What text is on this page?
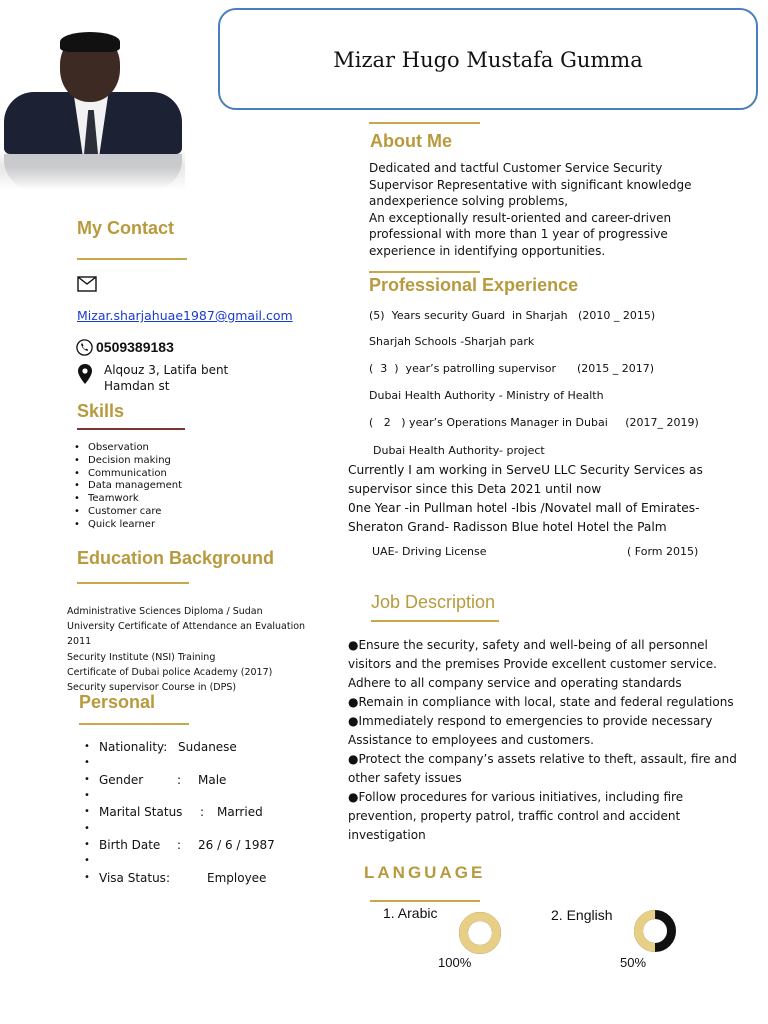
Mizar Hugo Mustafa Gumma
My Contact
Mizar.sharjahuae1987@gmail.com
0509389183
Alqouz 3, Latifa bent
Hamdan st
Skills
• Observation
• Decision making
• Communication
• Data management
• Teamwork
• Customer care
• Quick learner
Education Background
Administrative Sciences Diploma / Sudan
University Certificate of Attendance an Evaluation
2011
Security Institute (NSI) Training
Certificate of Dubai police Academy (2017)
Security supervisor Course in (DPS)
Personal
• Nationality: Sudanese
•
• Gender	: Male
•
• Marital Status : Married
•
• Birth Date : 26 / 6 / 1987
•
• Visa Status:	Employee
About Me
Dedicated and tactful Customer Service Security
Supervisor Representative with significant knowledge
andexperience solving problems,
An exceptionally result-oriented and career-driven
professional with more than 1 year of progressive
experience in identifying opportunities.
Professional Experience
(5)  Years security Guard  in Sharjah   (2010 _ 2015)
Sharjah Schools -Sharjah park
(  3  )  year’s patrolling supervisor      (2015 _ 2017)
Dubai Health Authority - Ministry of Health
(   2   ) year’s Operations Manager in Dubai     (2017_ 2019)
Dubai Health Authority- project
Currently I am working in ServeU LLC Security Services as
supervisor since this Deta 2021 until now
0ne Year -in Pullman hotel -Ibis /Novatel mall of Emirates-
Sheraton Grand- Radisson Blue hotel Hotel the Palm
UAE- Driving License	( Form 2015)
Job Description

●Ensure the security, safety and well-being of all personnel

visitors and the premises Provide excellent customer service.

Adhere to all company service and operating standards

●Remain in compliance with local, state and federal regulations

●Immediately respond to emergencies to provide necessary

Assistance to employees and customers.

●Protect the company’s assets relative to theft, assault, fire and

other safety issues

●Follow procedures for various initiatives, including fire

prevention, property patrol, traffic control and accident

investigation

LANGUAGE
1. Arabic
100%
2. English
50%
